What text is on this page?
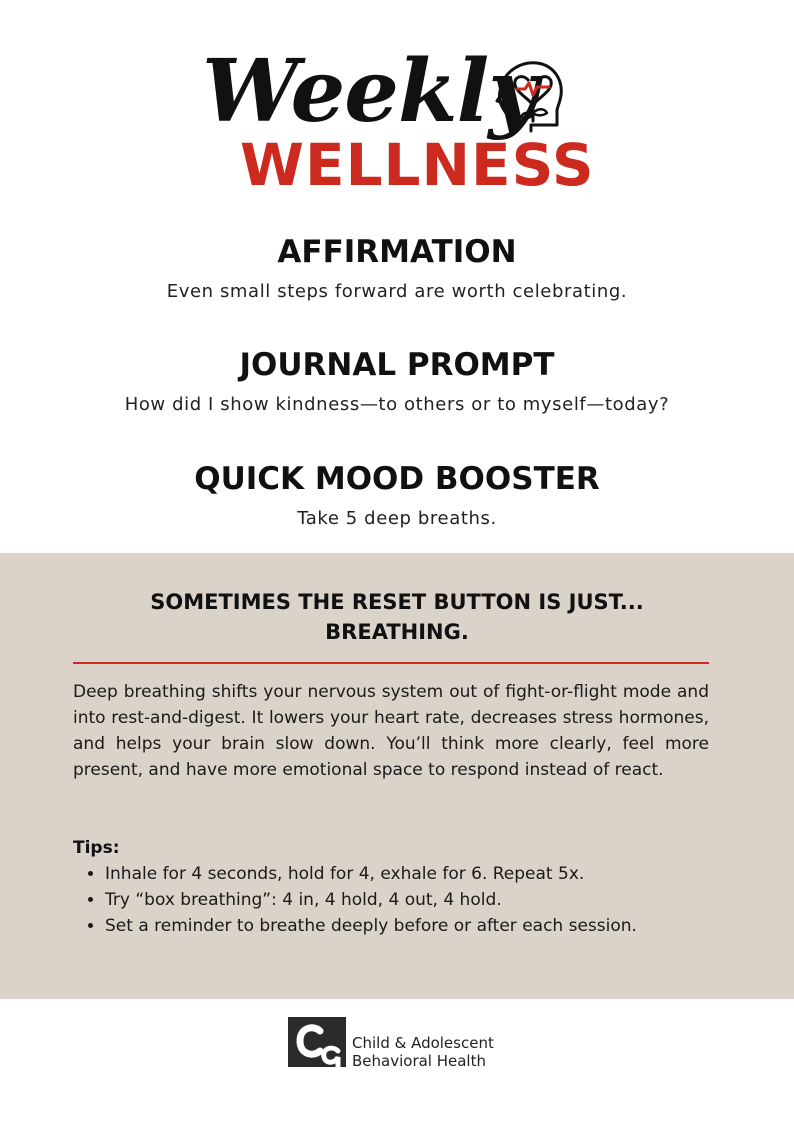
Weekly
WELLNESS
AFFIRMATION

Even small steps forward are worth celebrating.

JOURNAL PROMPT

How did I show kindness—to others or to myself—today?

QUICK MOOD BOOSTER

Take 5 deep breaths.

SOMETIMES THE RESET BUTTON IS JUST...
BREATHING.

Deep breathing shifts your nervous system out of fight-or-flight mode and into rest-and-digest. It lowers your heart rate, decreases stress hormones, and helps your brain slow down. You’ll think more clearly, feel more present, and have more emotional space to respond instead of react.

Tips:

• Inhale for 4 seconds, hold for 4, exhale for 6. Repeat 5x.
• Try “box breathing”: 4 in, 4 hold, 4 out, 4 hold.
• Set a reminder to breathe deeply before or after each session.
Child & Adolescent
Behavioral Health
